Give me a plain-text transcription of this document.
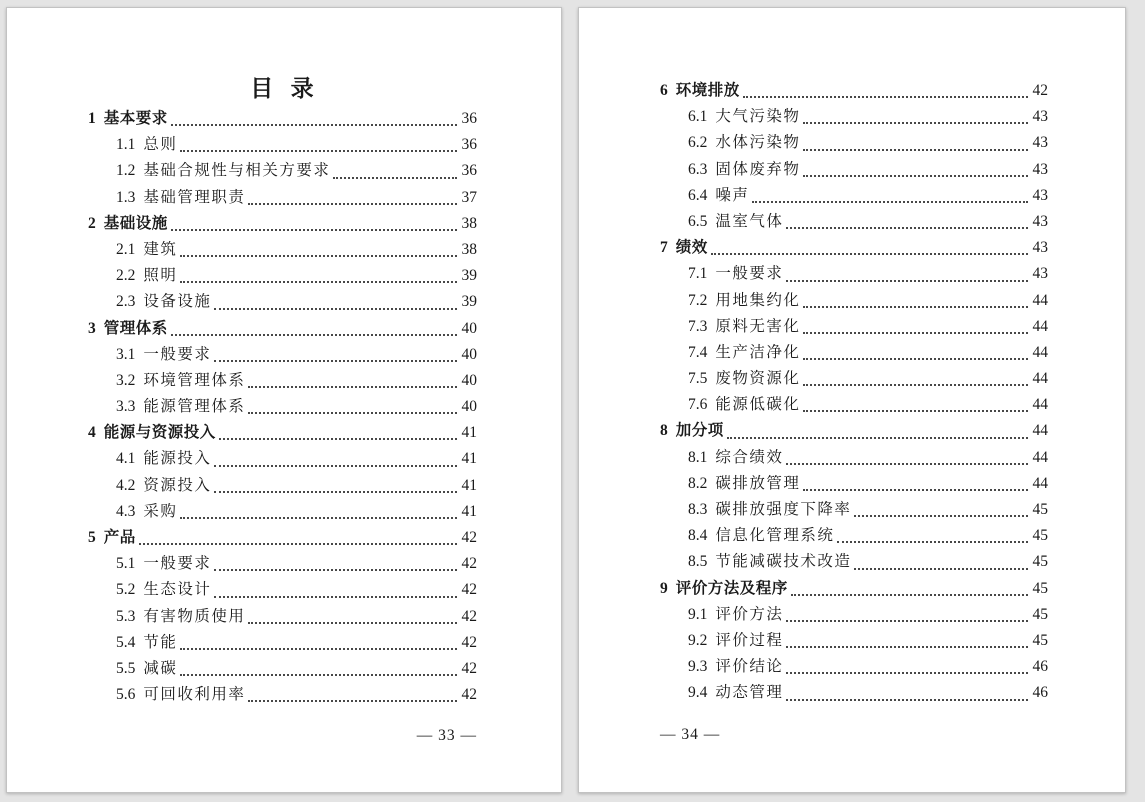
目 录
1 基本要求	36
1.1 总则	36
1.2 基础合规性与相关方要求	36
1.3 基础管理职责	37
2 基础设施	38
2.1 建筑	38
2.2 照明	39
2.3 设备设施	39
3 管理体系	40
3.1 一般要求	40
3.2 环境管理体系	40
3.3 能源管理体系	40
4 能源与资源投入	41
4.1 能源投入	41
4.2 资源投入	41
4.3 采购	41
5 产品	42
5.1 一般要求	42
5.2 生态设计	42
5.3 有害物质使用	42
5.4 节能	42
5.5 减碳	42
5.6 可回收利用率	42
— 33 —
6 环境排放	42
6.1 大气污染物	43
6.2 水体污染物	43
6.3 固体废弃物	43
6.4 噪声	43
6.5 温室气体	43
7 绩效	43
7.1 一般要求	43
7.2 用地集约化	44
7.3 原料无害化	44
7.4 生产洁净化	44
7.5 废物资源化	44
7.6 能源低碳化	44
8 加分项	44
8.1 综合绩效	44
8.2 碳排放管理	44
8.3 碳排放强度下降率	45
8.4 信息化管理系统	45
8.5 节能减碳技术改造	45
9 评价方法及程序	45
9.1 评价方法	45
9.2 评价过程	45
9.3 评价结论	46
9.4 动态管理	46
— 34 —
